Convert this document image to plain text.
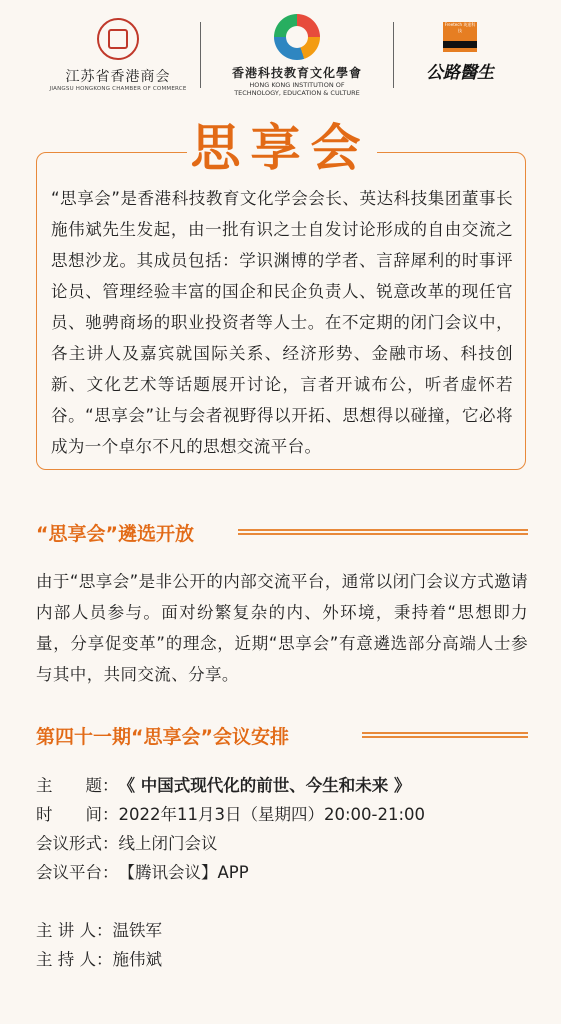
江苏省香港商会
JIANGSU HONGKONG CHAMBER OF COMMERCE
香港科技教育文化學會
HONG KONG INSTITUTION OF
TECHNOLOGY, EDUCATION & CULTURE
Freetech 英達科技
公路醫生
思享会
“思享会”是香港科技教育文化学会会长、英达科技集团董事长施伟斌先生发起，由一批有识之士自发讨论形成的自由交流之思想沙龙。其成员包括：学识渊博的学者、言辞犀利的时事评论员、管理经验丰富的国企和民企负责人、锐意改革的现任官员、驰骋商场的职业投资者等人士。在不定期的闭门会议中，各主讲人及嘉宾就国际关系、经济形势、金融市场、科技创新、文化艺术等话题展开讨论，言者开诚布公，听者虚怀若谷。“思享会”让与会者视野得以开拓、思想得以碰撞，它必将成为一个卓尔不凡的思想交流平台。
“思享会”遴选开放
由于“思享会”是非公开的内部交流平台，通常以闭门会议方式邀请内部人员参与。面对纷繁复杂的内、外环境，秉持着“思想即力量，分享促变革”的理念，近期“思享会”有意遴选部分高端人士参与其中，共同交流、分享。
第四十一期“思享会”会议安排
主　　题：《 中国式现代化的前世、今生和未来 》
时　　间：2022年11月3日（星期四）20:00-21:00
会议形式：线上闭门会议
会议平台：【腾讯会议】APP
主 讲 人：温铁军
主 持 人：施伟斌
